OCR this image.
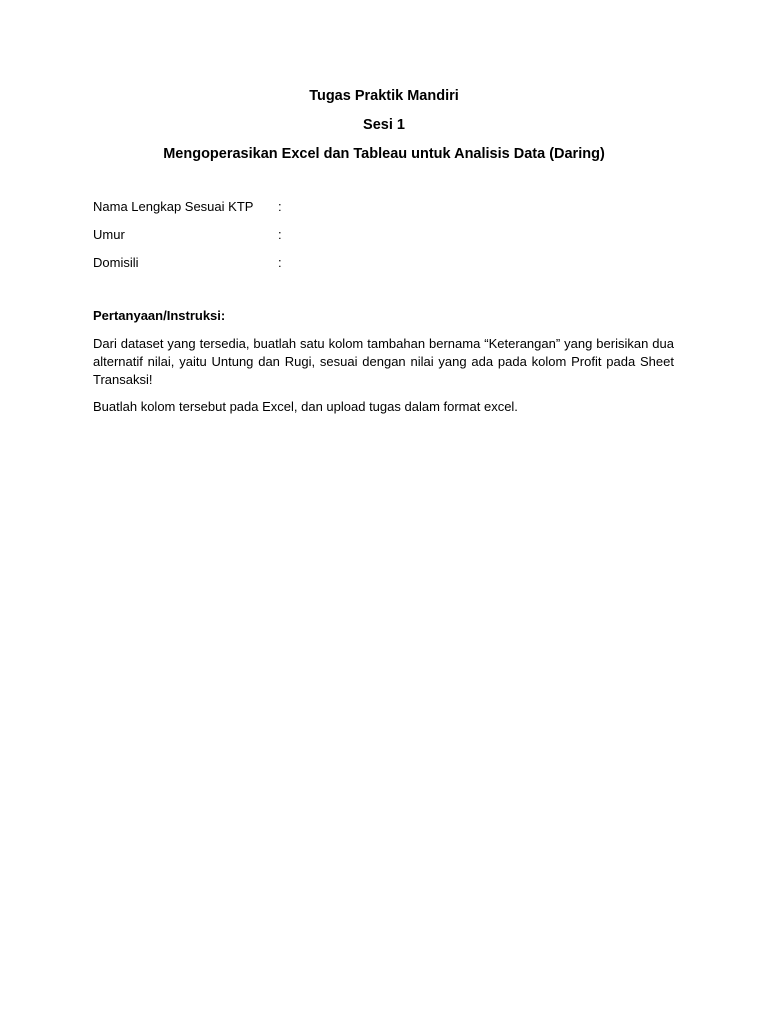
Tugas Praktik Mandiri

Sesi 1

Mengoperasikan Excel dan Tableau untuk Analisis Data (Daring)

Nama Lengkap Sesuai KTP :
Umur	:
Domisili	:
Pertanyaan/Instruksi:

Dari dataset yang tersedia, buatlah satu kolom tambahan bernama “Keterangan” yang berisikan dua alternatif nilai, yaitu Untung dan Rugi, sesuai dengan nilai yang ada pada kolom Profit pada Sheet Transaksi!

Buatlah kolom tersebut pada Excel, dan upload tugas dalam format excel.
